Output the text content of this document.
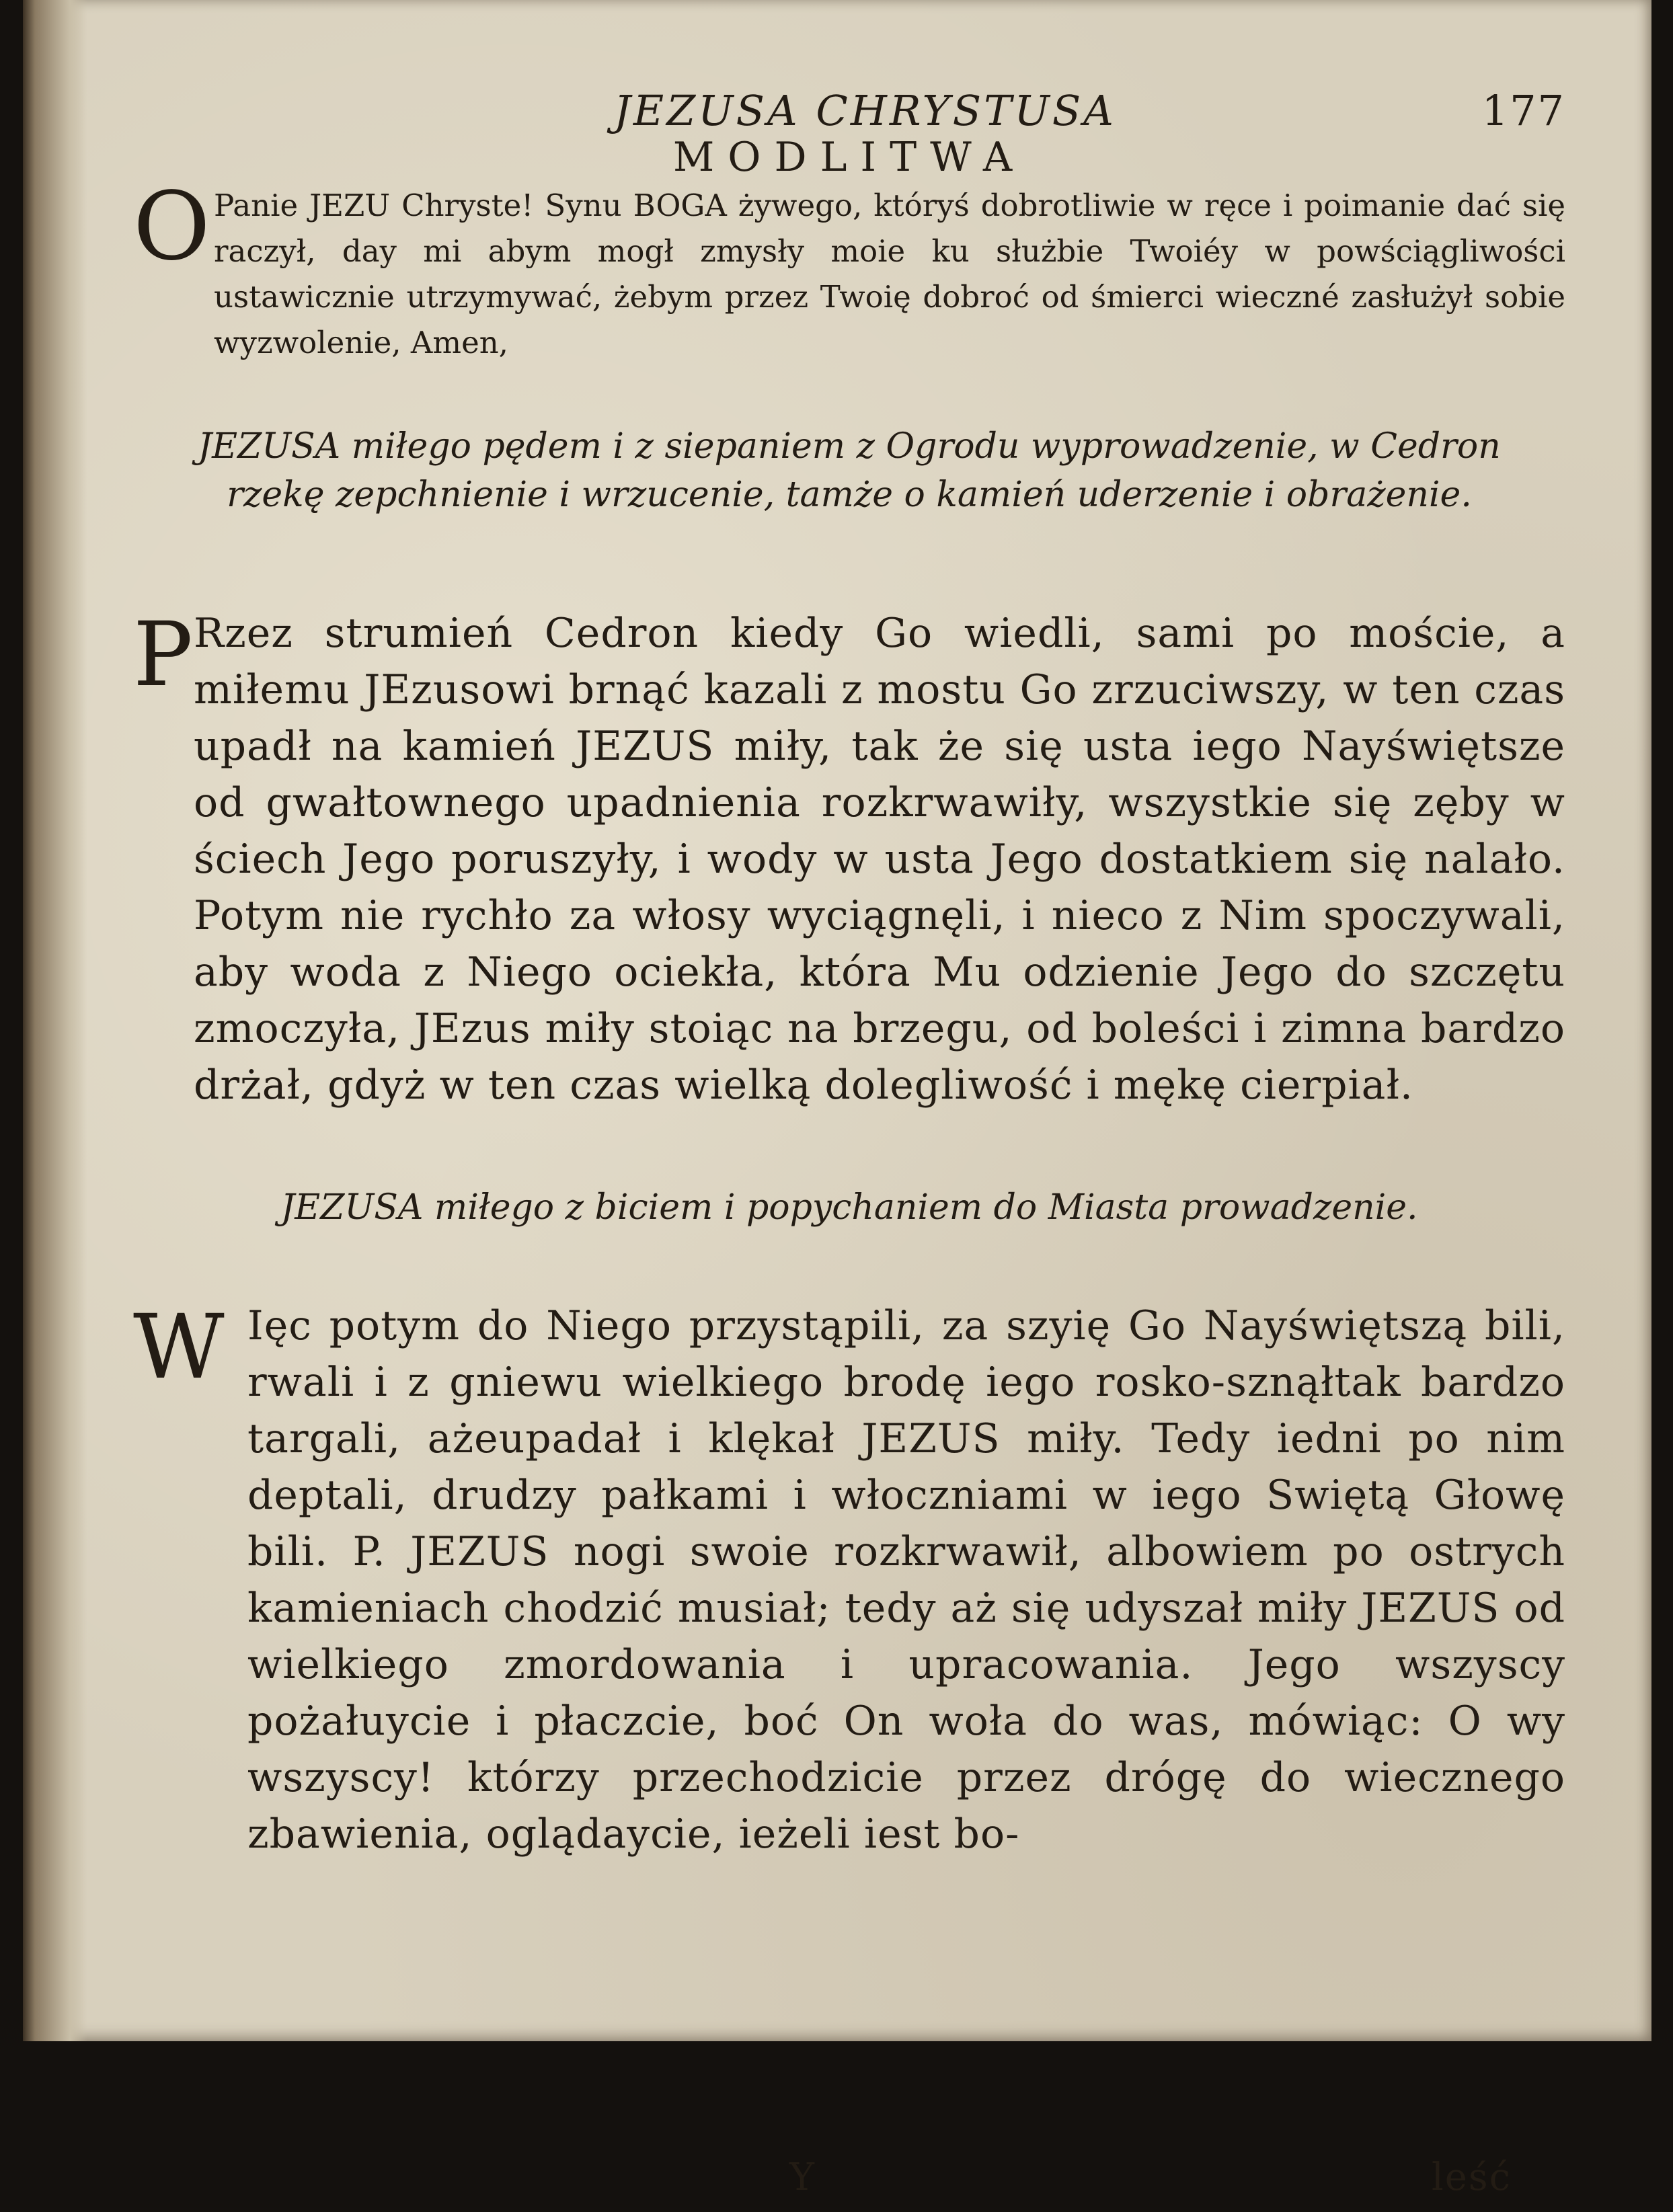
JEZUSA CHRYSTUSA	177
MODLITWA
O Panie JEZU Chryste! Synu BOGA żywego, któryś dobrotliwie w ręce i poimanie dać się raczył, day mi abym mogł zmysły moie ku służbie Twoiéy w powściągliwości ustawicznie utrzymywać, żebym przez Twoię dobroć od śmierci wieczné zasłużył sobie wyzwolenie, Amen,
JEZUSA miłego pędem i z siepaniem z Ogrodu wyprowadzenie, w Cedron rzekę zepchnienie i wrzucenie, tamże o kamień uderzenie i obrażenie.
P Rzez strumień Cedron kiedy Go wiedli, sami po moście, a miłemu JEzusowi brnąć kazali z mostu Go zrzuciwszy, w ten czas upadł na kamień JEZUS miły, tak że się usta iego Nayświętsze od gwałtownego upadnienia rozkrwawiły, wszystkie się zęby w ściech Jego poruszyły, i wody w usta Jego dostatkiem się nalało. Potym nie rychło za włosy wyciągnęli, i nieco z Nim spoczywali, aby woda z Niego ociekła, która Mu odzienie Jego do szczętu zmoczyła, JEzus miły stoiąc na brzegu, od boleści i zimna bardzo drżał, gdyż w ten czas wielką dolegliwość i mękę cierpiał.
JEZUSA miłego z biciem i popychaniem do Miasta prowadzenie.
W Ięc potym do Niego przystąpili, za szyię Go Nayświętszą bili, rwali i z gniewu wielkiego brodę iego rosko-sznąłtak bardzo targali, ażeupadał i klękał JEZUS miły. Tedy iedni po nim deptali, drudzy pałkami i włoczniami w iego Swiętą Głowę bili. P. JEZUS nogi swoie rozkrwawił, albowiem po ostrych kamieniach chodzić musiał; tedy aż się udyszał miły JEZUS od wielkiego zmordowania i upracowania. Jego wszyscy pożałuycie i płaczcie, boć On woła do was, mówiąc: O wy wszyscy! którzy przechodzicie przez drógę do wiecznego zbawienia, oglądaycie, ieżeli iest bo-
Y	leść
